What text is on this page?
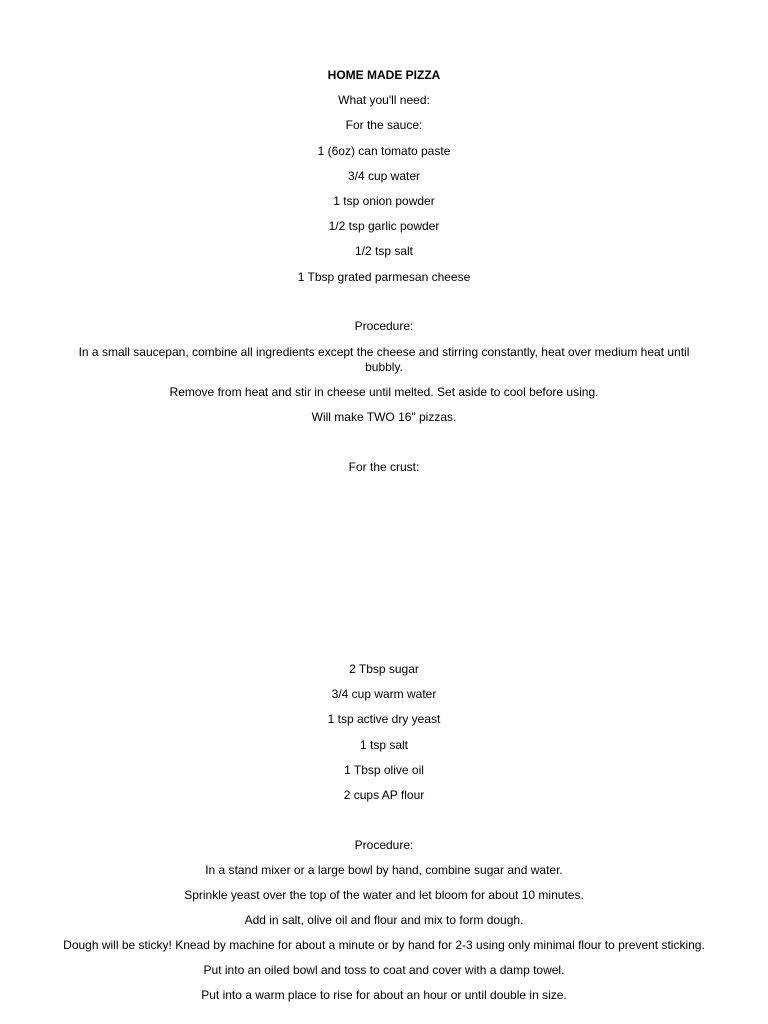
HOME MADE PIZZA

What you'll need:

For the sauce:

1 (6oz) can tomato paste

3/4 cup water

1 tsp onion powder

1/2 tsp garlic powder

1/2 tsp salt

1 Tbsp grated parmesan cheese

Procedure:

In a small saucepan, combine all ingredients except the cheese and stirring constantly, heat over medium heat until bubbly.

Remove from heat and stir in cheese until melted. Set aside to cool before using.

Will make TWO 16" pizzas.

For the crust:

2 Tbsp sugar

3/4 cup warm water

1 tsp active dry yeast

1 tsp salt

1 Tbsp olive oil

2 cups AP flour

Procedure:

In a stand mixer or a large bowl by hand, combine sugar and water.

Sprinkle yeast over the top of the water and let bloom for about 10 minutes.

Add in salt, olive oil and flour and mix to form dough.

Dough will be sticky! Knead by machine for about a minute or by hand for 2-3 using only minimal flour to prevent sticking.

Put into an oiled bowl and toss to coat and cover with a damp towel.

Put into a warm place to rise for about an hour or until double in size.
